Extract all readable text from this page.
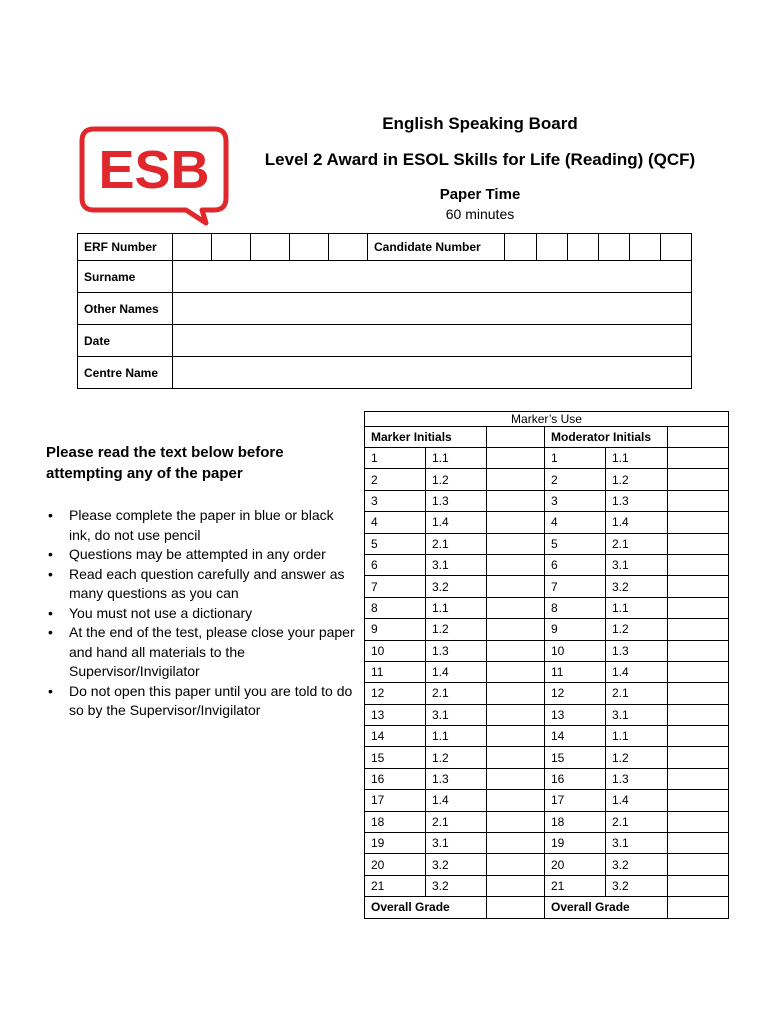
ESB
English Speaking Board
Level 2 Award in ESOL Skills for Life (Reading) (QCF)
Paper Time
60 minutes
ERF Number						Candidate Number						
Surname												
Other Names												
Date												
Centre Name												
Please read the text below before attempting any of the paper
• Please complete the paper in blue or black ink, do not use pencil
• Questions may be attempted in any order
• Read each question carefully and answer as many questions as you can
• You must not use a dictionary
• At the end of the test, please close your paper and hand all materials to the Supervisor/Invigilator
• Do not open this paper until you are told to do so by the Supervisor/Invigilator
Marker’s Use					
Marker Initials			Moderator Initials		
1	1.1		1	1.1	
2	1.2		2	1.2	
3	1.3		3	1.3	
4	1.4		4	1.4	
5	2.1		5	2.1	
6	3.1		6	3.1	
7	3.2		7	3.2	
8	1.1		8	1.1	
9	1.2		9	1.2	
10	1.3		10	1.3	
11	1.4		11	1.4	
12	2.1		12	2.1	
13	3.1		13	3.1	
14	1.1		14	1.1	
15	1.2		15	1.2	
16	1.3		16	1.3	
17	1.4		17	1.4	
18	2.1		18	2.1	
19	3.1		19	3.1	
20	3.2		20	3.2	
21	3.2		21	3.2	
Overall Grade			Overall Grade		
